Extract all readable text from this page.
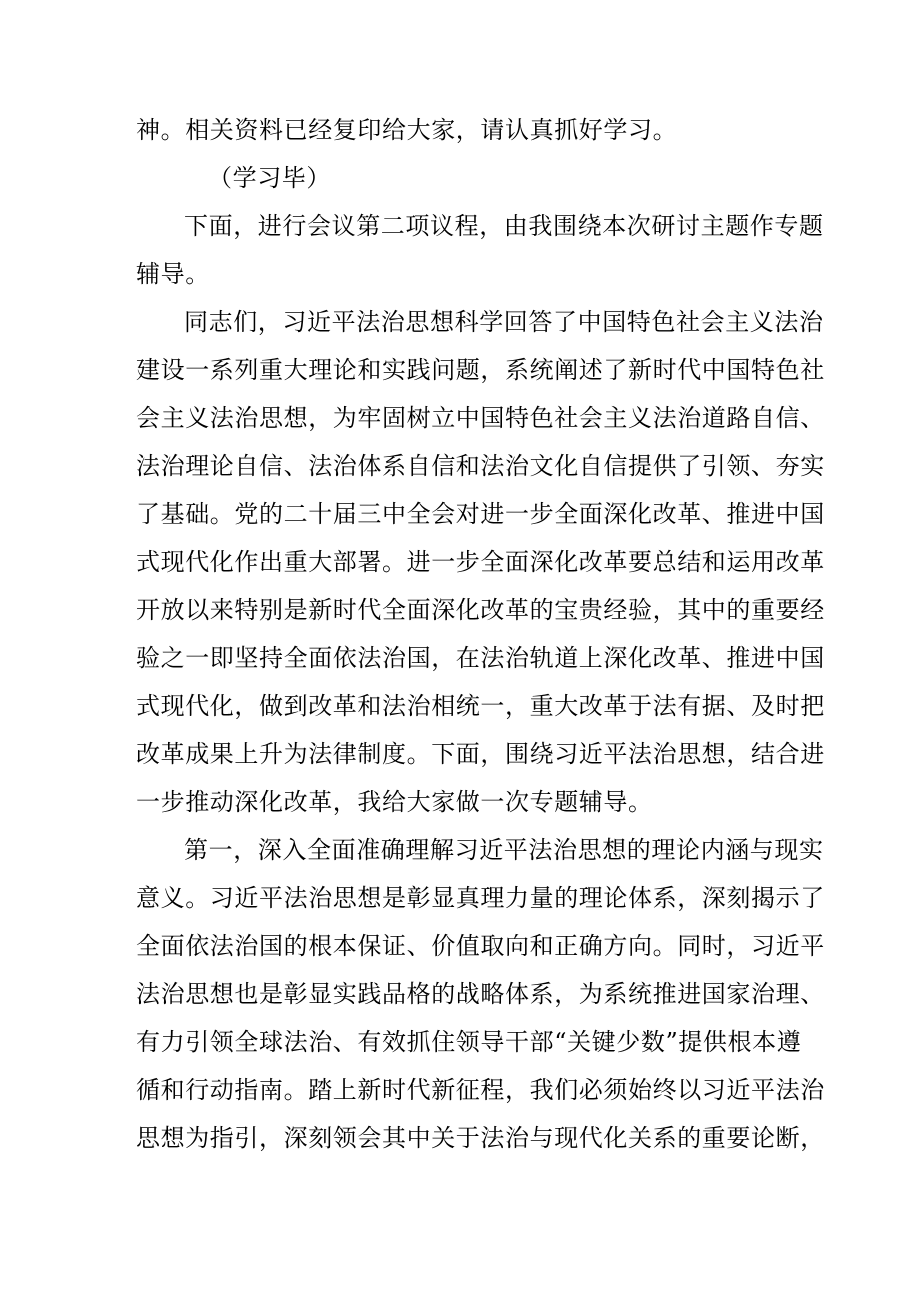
神。相关资料已经复印给大家，请认真抓好学习。
（学习毕）
下面，进行会议第二项议程，由我围绕本次研讨主题作专题
辅导。
同志们，习近平法治思想科学回答了中国特色社会主义法治
建设一系列重大理论和实践问题，系统阐述了新时代中国特色社
会主义法治思想，为牢固树立中国特色社会主义法治道路自信、
法治理论自信、法治体系自信和法治文化自信提供了引领、夯实
了基础。党的二十届三中全会对进一步全面深化改革、推进中国
式现代化作出重大部署。进一步全面深化改革要总结和运用改革
开放以来特别是新时代全面深化改革的宝贵经验，其中的重要经
验之一即坚持全面依法治国，在法治轨道上深化改革、推进中国
式现代化，做到改革和法治相统一，重大改革于法有据、及时把
改革成果上升为法律制度。下面，围绕习近平法治思想，结合进
一步推动深化改革，我给大家做一次专题辅导。
第一，深入全面准确理解习近平法治思想的理论内涵与现实
意义。习近平法治思想是彰显真理力量的理论体系，深刻揭示了
全面依法治国的根本保证、价值取向和正确方向。同时，习近平
法治思想也是彰显实践品格的战略体系，为系统推进国家治理、
有力引领全球法治、有效抓住领导干部“关键少数”提供根本遵
循和行动指南。踏上新时代新征程，我们必须始终以习近平法治
思想为指引，深刻领会其中关于法治与现代化关系的重要论断，
